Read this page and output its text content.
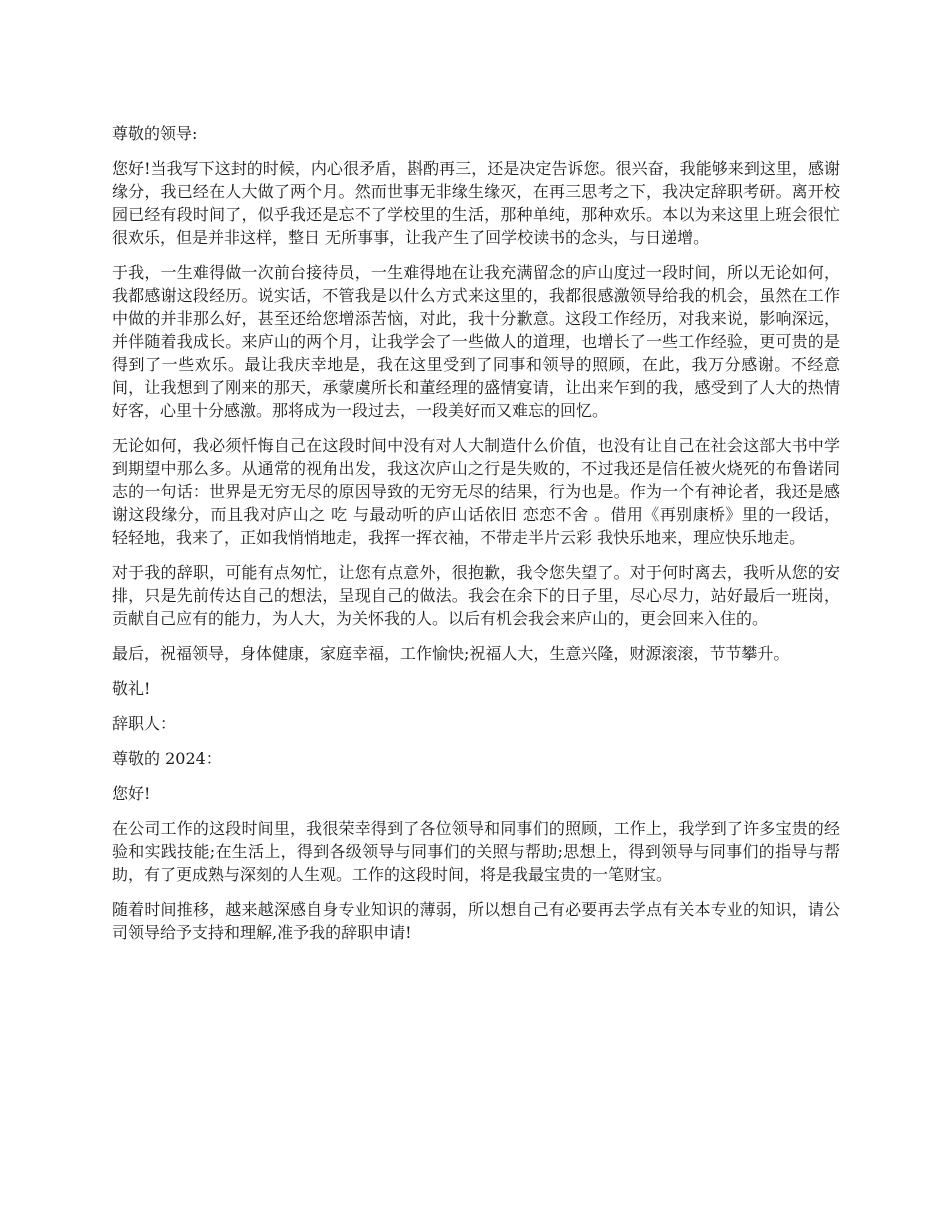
尊敬的领导:

您好!当我写下这封的时候，内心很矛盾，斟酌再三，还是决定告诉您。很兴奋，我能够来到这里，感谢缘分，我已经在人大做了两个月。然而世事无非缘生缘灭，在再三思考之下，我决定辞职考研。离开校园已经有段时间了，似乎我还是忘不了学校里的生活，那种单纯，那种欢乐。本以为来这里上班会很忙很欢乐，但是并非这样，整日 无所事事，让我产生了回学校读书的念头，与日递增。

于我，一生难得做一次前台接待员，一生难得地在让我充满留念的庐山度过一段时间，所以无论如何，我都感谢这段经历。说实话，不管我是以什么方式来这里的，我都很感激领导给我的机会，虽然在工作中做的并非那么好，甚至还给您增添苦恼，对此，我十分歉意。这段工作经历，对我来说，影响深远，并伴随着我成长。来庐山的两个月，让我学会了一些做人的道理，也增长了一些工作经验，更可贵的是得到了一些欢乐。最让我庆幸地是，我在这里受到了同事和领导的照顾，在此，我万分感谢。不经意间，让我想到了刚来的那天，承蒙虞所长和董经理的盛情宴请，让出来乍到的我，感受到了人大的热情好客，心里十分感激。那将成为一段过去，一段美好而又难忘的回忆。

无论如何，我必须忏悔自己在这段时间中没有对人大制造什么价值，也没有让自己在社会这部大书中学到期望中那么多。从通常的视角出发，我这次庐山之行是失败的，不过我还是信任被火烧死的布鲁诺同志的一句话：世界是无穷无尽的原因导致的无穷无尽的结果，行为也是。作为一个有神论者，我还是感谢这段缘分，而且我对庐山之 吃 与最动听的庐山话依旧 恋恋不舍 。借用《再别康桥》里的一段话， 轻轻地，我来了，正如我悄悄地走，我挥一挥衣袖，不带走半片云彩 我快乐地来，理应快乐地走。

对于我的辞职，可能有点匆忙，让您有点意外，很抱歉，我令您失望了。对于何时离去，我听从您的安排，只是先前传达自己的想法，呈现自己的做法。我会在余下的日子里，尽心尽力，站好最后一班岗，贡献自己应有的能力，为人大，为关怀我的人。以后有机会我会来庐山的，更会回来入住的。

最后，祝福领导，身体健康，家庭幸福，工作愉快;祝福人大，生意兴隆，财源滚滚，节节攀升。

敬礼!

辞职人：

尊敬的 2024：

您好!

在公司工作的这段时间里，我很荣幸得到了各位领导和同事们的照顾，工作上，我学到了许多宝贵的经验和实践技能;在生活上，得到各级领导与同事们的关照与帮助;思想上，得到领导与同事们的指导与帮助，有了更成熟与深刻的人生观。工作的这段时间，将是我最宝贵的一笔财宝。

随着时间推移，越来越深感自身专业知识的薄弱，所以想自己有必要再去学点有关本专业的知识，请公司领导给予支持和理解,准予我的辞职申请!
